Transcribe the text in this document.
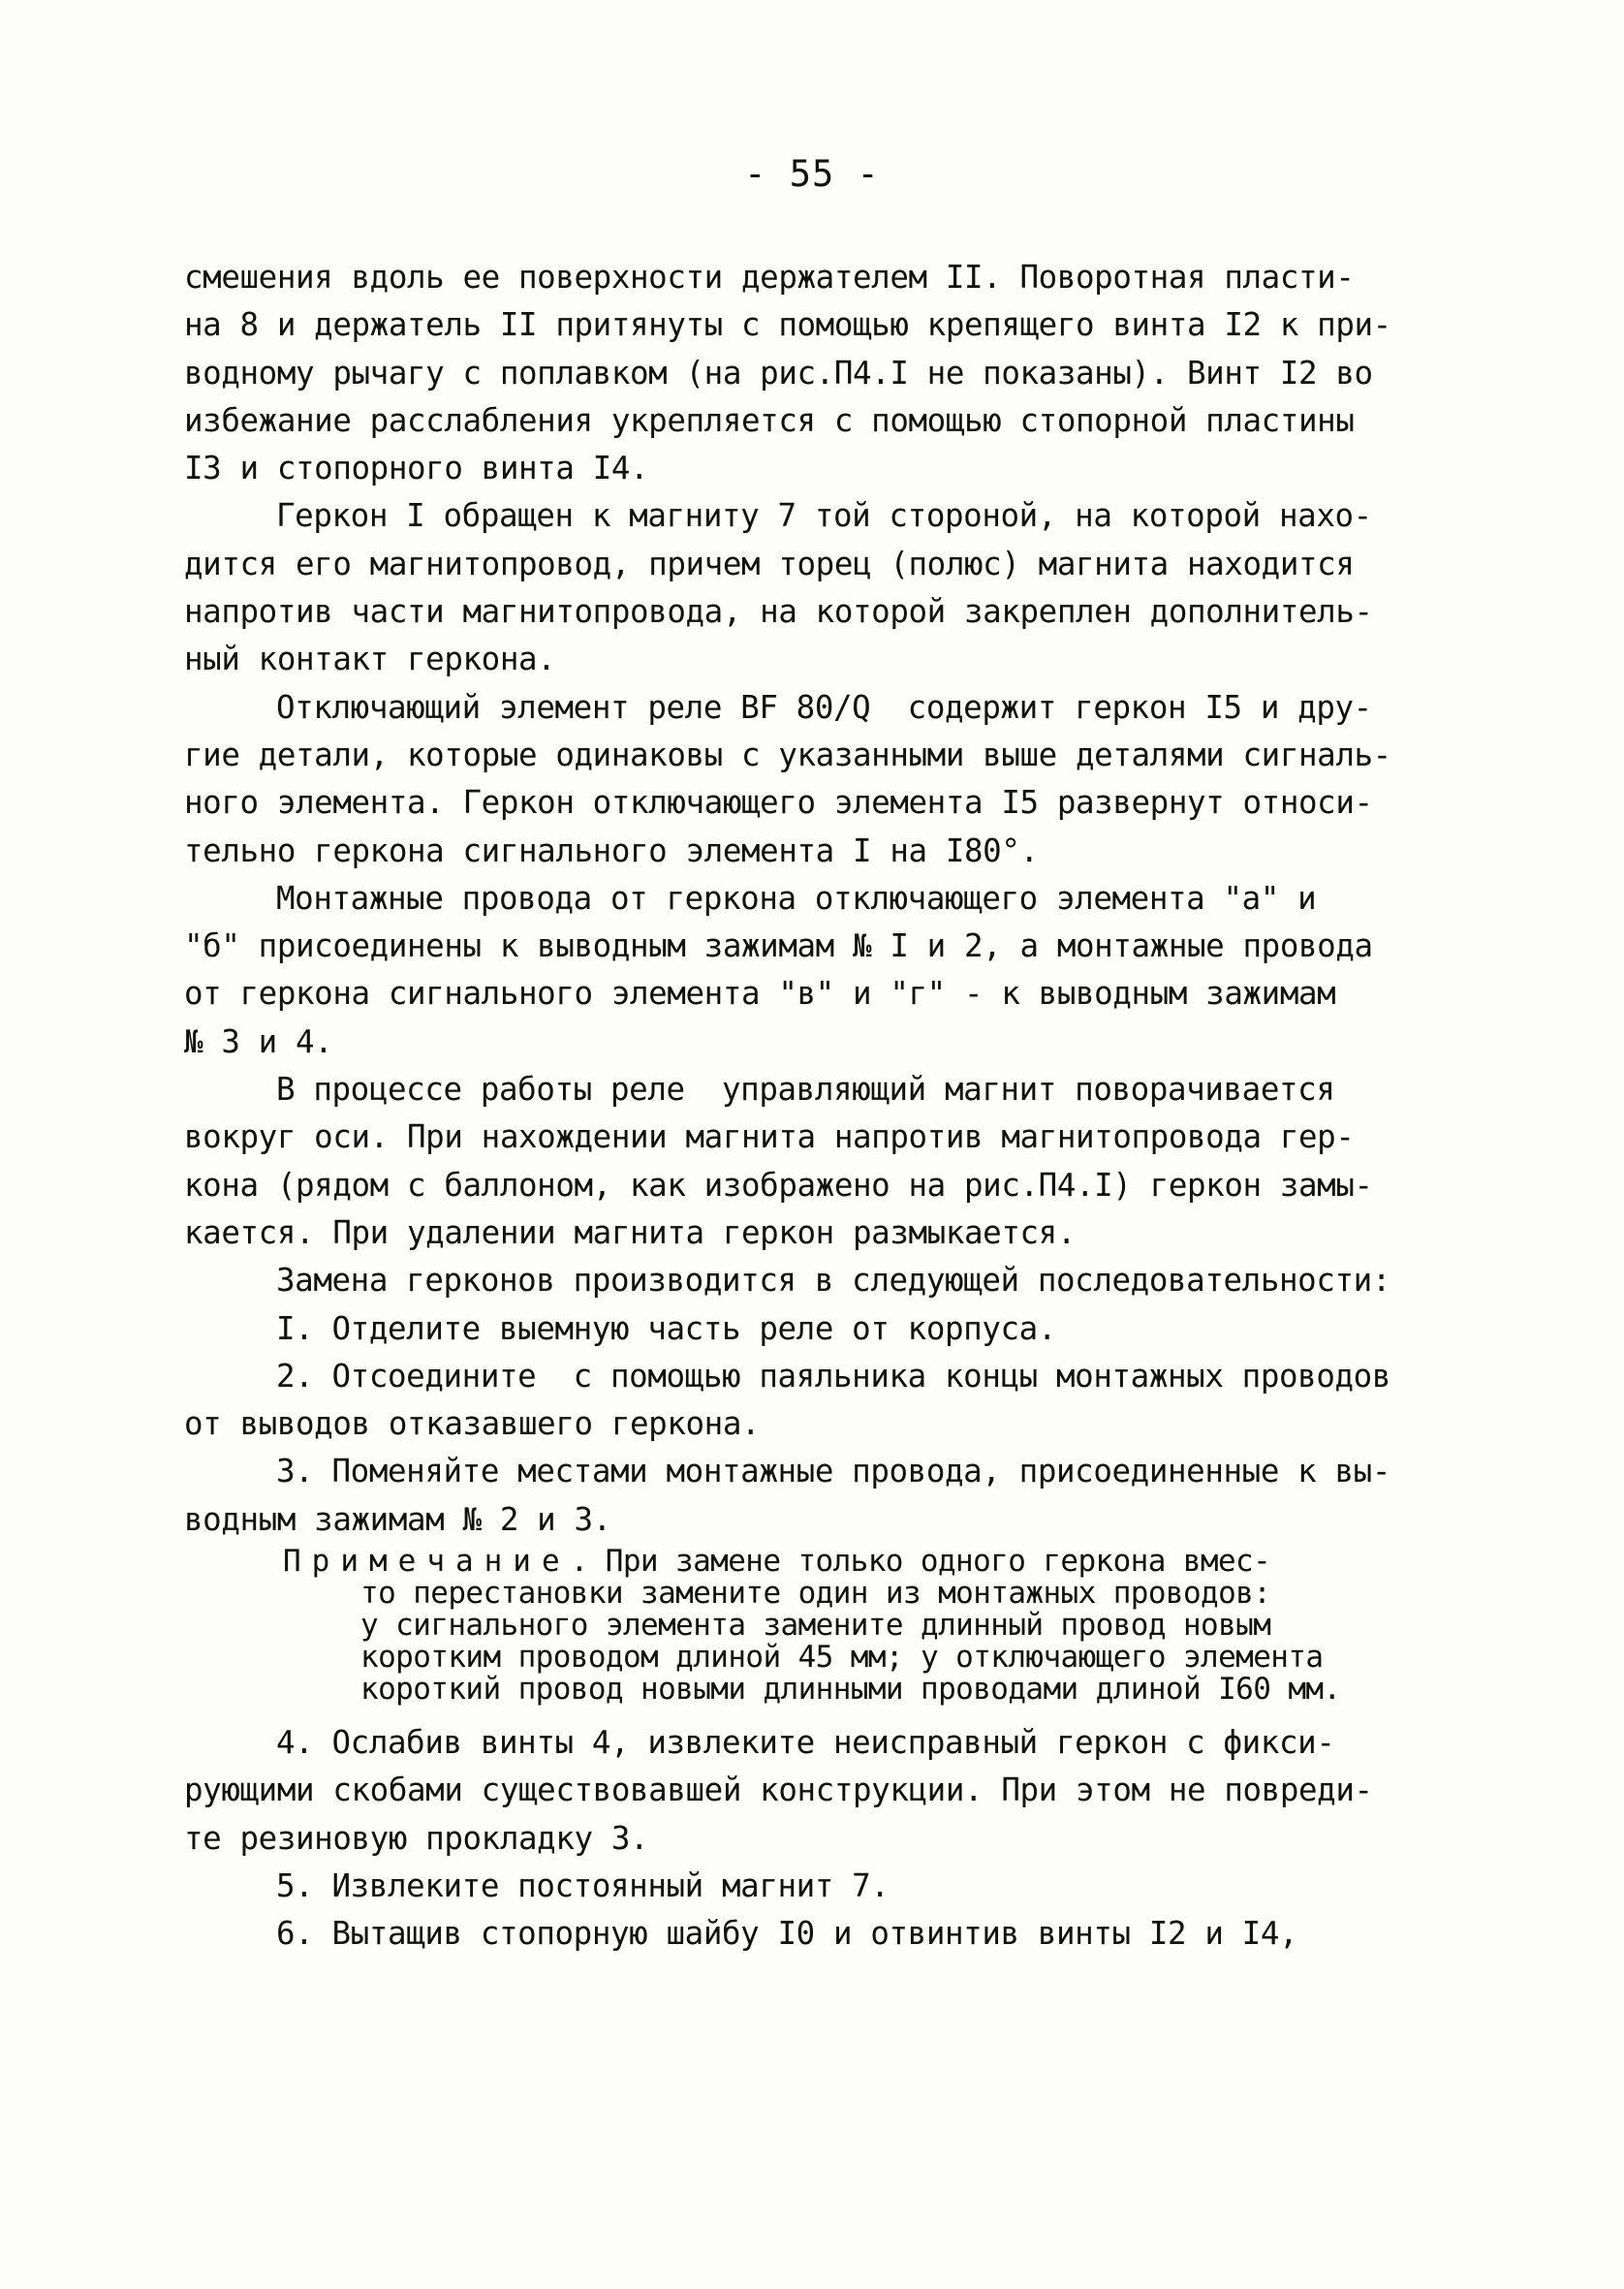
- 55 -
смешения вдоль ее поверхности держателем II. Поворотная пласти-
на 8 и держатель II притянуты с помощью крепящего винта I2 к при-
водному рычагу с поплавком (на рис.П4.I не показаны). Винт I2 во
избежание расслабления укрепляется с помощью стопорной пластины
I3 и стопорного винта I4.
Геркон I обращен к магниту 7 той стороной, на которой нахо-
дится его магнитопровод, причем торец (полюс) магнита находится
напротив части магнитопровода, на которой закреплен дополнитель-
ный контакт геркона.
Отключающий элемент реле BF 80/Q  содержит геркон I5 и дру-
гие детали, которые одинаковы с указанными выше деталями сигналь-
ного элемента. Геркон отключающего элемента I5 развернут относи-
тельно геркона сигнального элемента I на I80°.
Монтажные провода от геркона отключающего элемента "а" и
"б" присоединены к выводным зажимам № I и 2, а монтажные провода
от геркона сигнального элемента "в" и "г" - к выводным зажимам
№ 3 и 4.
В процессе работы реле  управляющий магнит поворачивается
вокруг оси. При нахождении магнита напротив магнитопровода гер-
кона (рядом с баллоном, как изображено на рис.П4.I) геркон замы-
кается. При удалении магнита геркон размыкается.
Замена герконов производится в следующей последовательности:
I. Отделите выемную часть реле от корпуса.
2. Отсоедините  с помощью паяльника концы монтажных проводов
от выводов отказавшего геркона.
3. Поменяйте местами монтажные провода, присоединенные к вы-
водным зажимам № 2 и 3.
Примечание. При замене только одного геркона вмес-
то перестановки замените один из монтажных проводов:
у сигнального элемента замените длинный провод новым
коротким проводом длиной 45 мм; у отключающего элемента
короткий провод новыми длинными проводами длиной I60 мм.
4. Ослабив винты 4, извлеките неисправный геркон с фикси-
рующими скобами существовавшей конструкции. При этом не повреди-
те резиновую прокладку 3.
5. Извлеките постоянный магнит 7.
6. Вытащив стопорную шайбу I0 и отвинтив винты I2 и I4,
